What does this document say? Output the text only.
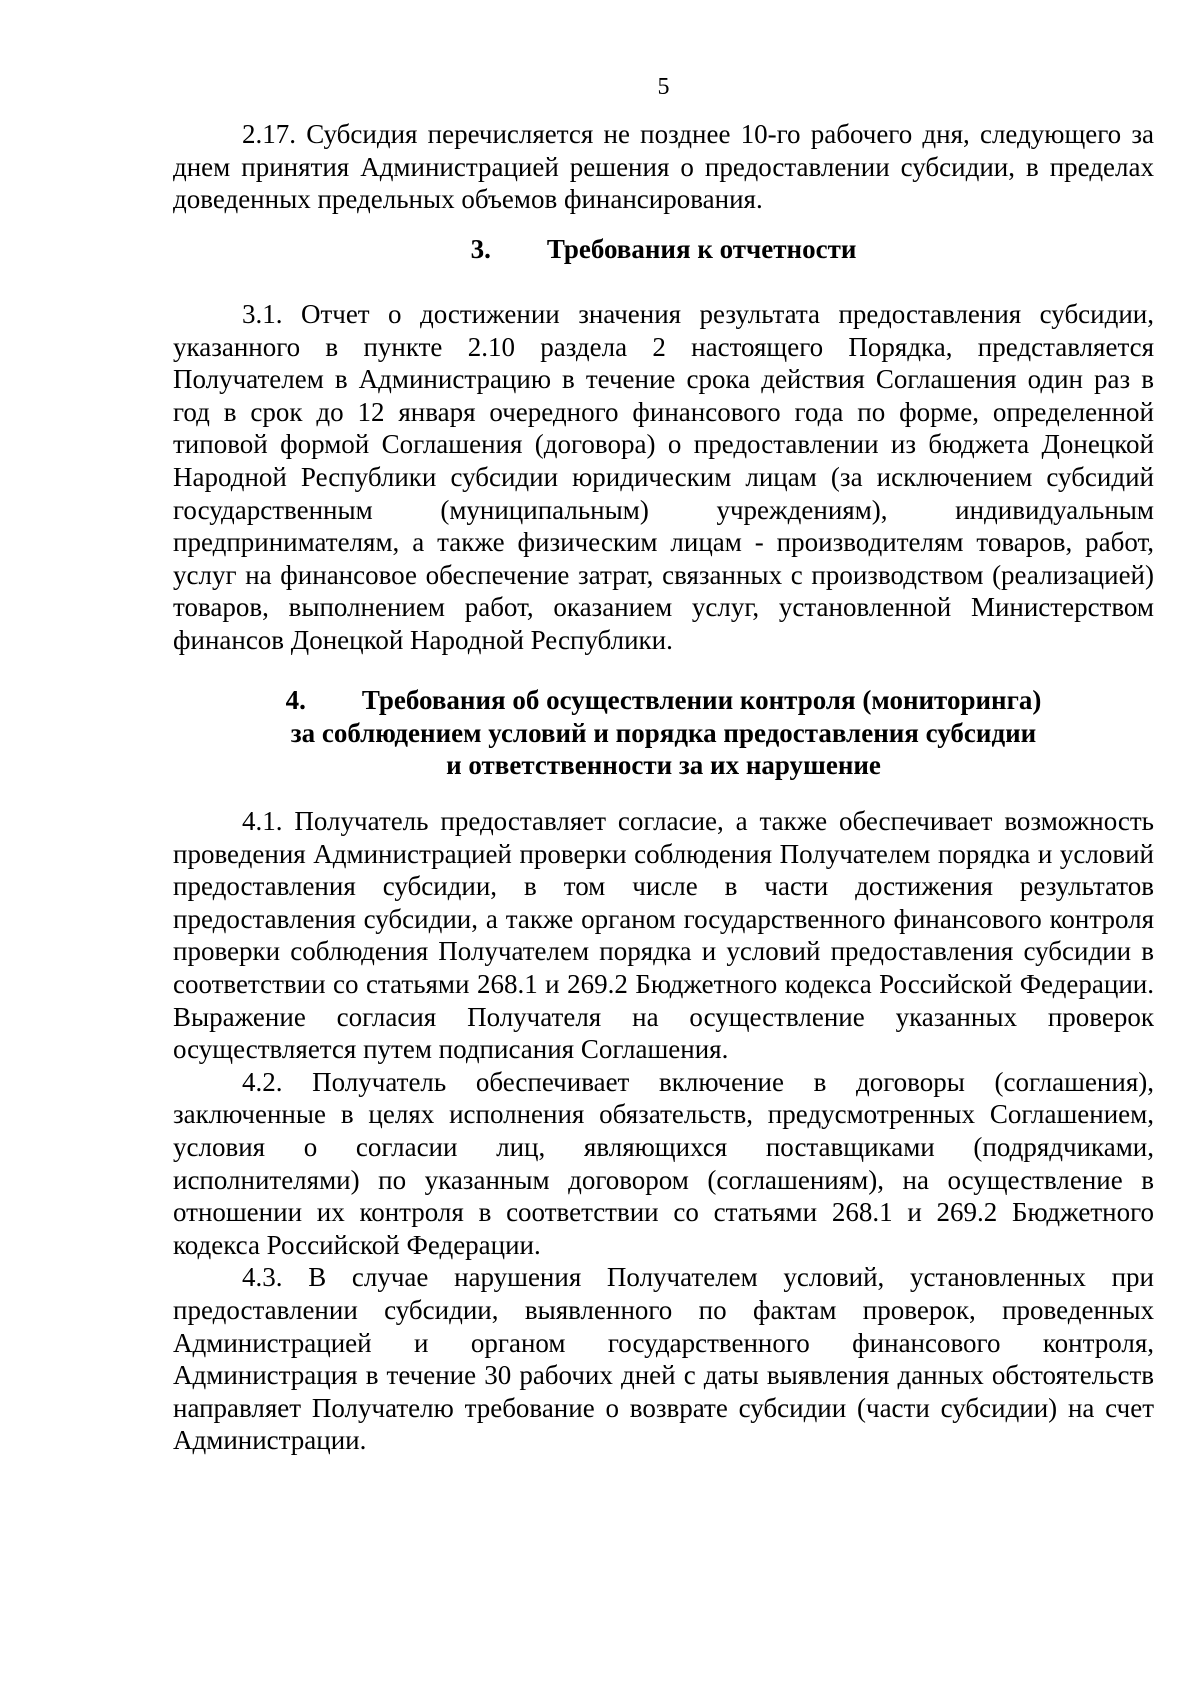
5

2.17. Субсидия перечисляется не позднее 10-го рабочего дня, следующего за днем принятия Администрацией решения о предоставлении субсидии, в пределах доведенных предельных объемов финансирования.

3. Требования к отчетности

3.1. Отчет о достижении значения результата предоставления субсидии, указанного в пункте 2.10 раздела 2 настоящего Порядка, представляется Получателем в Администрацию в течение срока действия Соглашения один раз в год в срок до 12 января очередного финансового года по форме, определенной типовой формой Соглашения (договора) о предоставлении из бюджета Донецкой Народной Республики субсидии юридическим лицам (за исключением субсидий государственным (муниципальным) учреждениям), индивидуальным предпринимателям, а также физическим лицам - производителям товаров, работ, услуг на финансовое обеспечение затрат, связанных с производством (реализацией) товаров, выполнением работ, оказанием услуг, установленной Министерством финансов Донецкой Народной Республики.

4. Требования об осуществлении контроля (мониторинга)
за соблюдением условий и порядка предоставления субсидии
и ответственности за их нарушение

4.1. Получатель предоставляет согласие, а также обеспечивает возможность проведения Администрацией проверки соблюдения Получателем порядка и условий предоставления субсидии, в том числе в части достижения результатов предоставления субсидии, а также органом государственного финансового контроля проверки соблюдения Получателем порядка и условий предоставления субсидии в соответствии со статьями 268.1 и 269.2 Бюджетного кодекса Российской Федерации. Выражение согласия Получателя на осуществление указанных проверок осуществляется путем подписания Соглашения.

4.2. Получатель обеспечивает включение в договоры (соглашения), заключенные в целях исполнения обязательств, предусмотренных Соглашением, условия о согласии лиц, являющихся поставщиками (подрядчиками, исполнителями) по указанным договором (соглашениям), на осуществление в отношении их контроля в соответствии со статьями 268.1 и 269.2 Бюджетного кодекса Российской Федерации.

4.3. В случае нарушения Получателем условий, установленных при предоставлении субсидии, выявленного по фактам проверок, проведенных Администрацией и органом государственного финансового контроля, Администрация в течение 30 рабочих дней с даты выявления данных обстоятельств направляет Получателю требование о возврате субсидии (части субсидии) на счет Администрации.
